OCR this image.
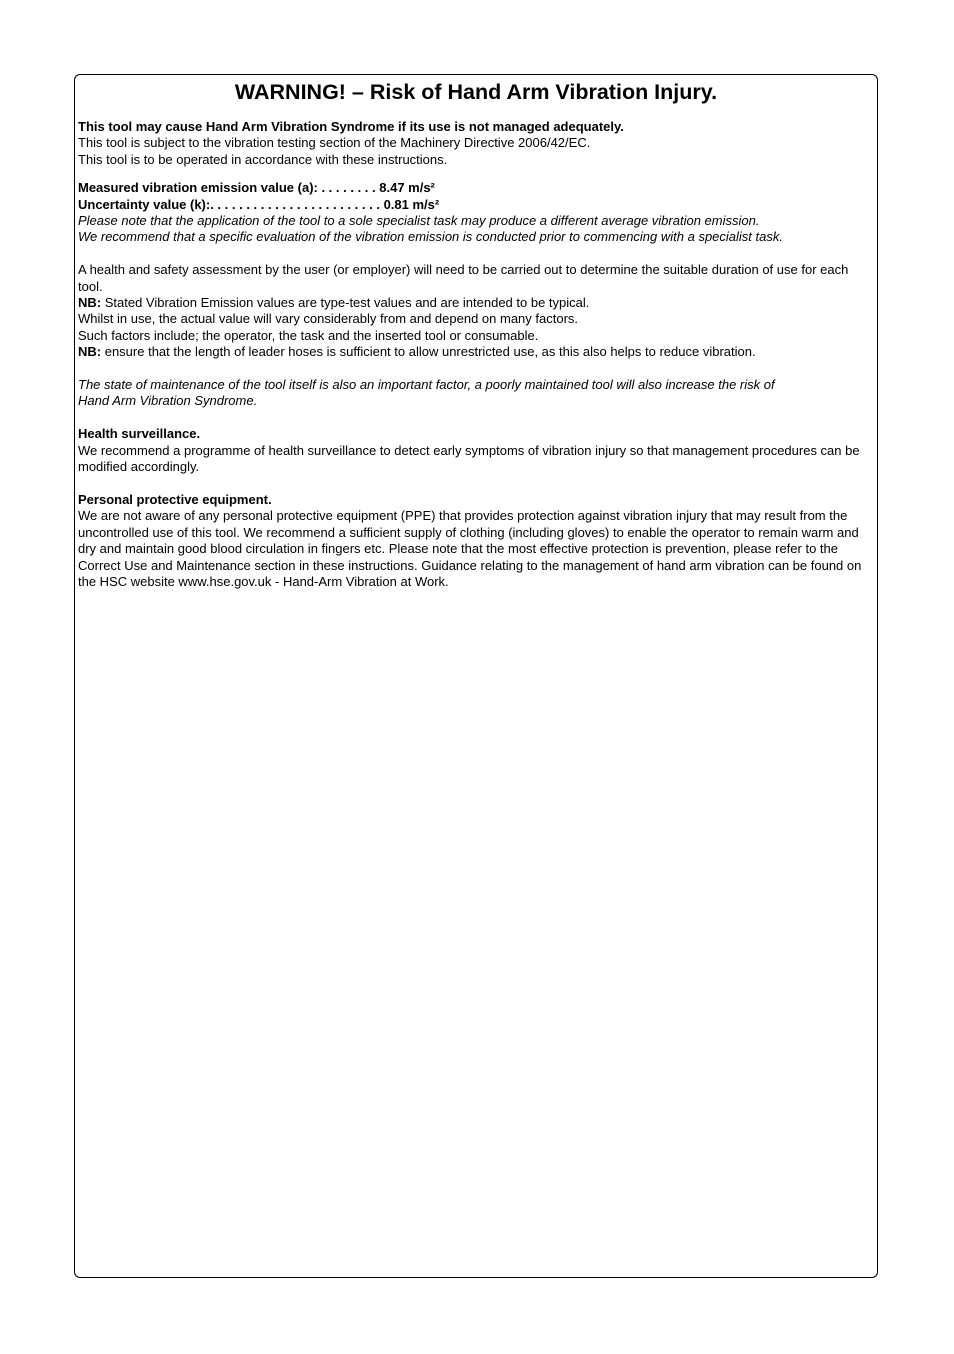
WARNING! – Risk of Hand Arm Vibration Injury.
This tool may cause Hand Arm Vibration Syndrome if its use is not managed adequately.
This tool is subject to the vibration testing section of the Machinery Directive 2006/42/EC.
This tool is to be operated in accordance with these instructions.
Measured vibration emission value (a): . . . . . . . . 8.47 m/s²
Uncertainty value (k):. . . . . . . . . . . . . . . . . . . . . . . . 0.81 m/s²
Please note that the application of the tool to a sole specialist task may produce a different average vibration emission.
We recommend that a specific evaluation of the vibration emission is conducted prior to commencing with a specialist task.
A health and safety assessment by the user (or employer) will need to be carried out to determine the suitable duration of use for each tool.
NB: Stated Vibration Emission values are type-test values and are intended to be typical.
Whilst in use, the actual value will vary considerably from and depend on many factors.
Such factors include; the operator, the task and the inserted tool or consumable.
NB: ensure that the length of leader hoses is sufficient to allow unrestricted use, as this also helps to reduce vibration.
The state of maintenance of the tool itself is also an important factor, a poorly maintained tool will also increase the risk of
Hand Arm Vibration Syndrome.
Health surveillance.
We recommend a programme of health surveillance to detect early symptoms of vibration injury so that management procedures can be modified accordingly.
Personal protective equipment.
We are not aware of any personal protective equipment (PPE) that provides protection against vibration injury that may result from the uncontrolled use of this tool. We recommend a sufficient supply of clothing (including gloves) to enable the operator to remain warm and dry and maintain good blood circulation in fingers etc. Please note that the most effective protection is prevention, please refer to the Correct Use and Maintenance section in these instructions. Guidance relating to the management of hand arm vibration can be found on the HSC website www.hse.gov.uk - Hand-Arm Vibration at Work.
